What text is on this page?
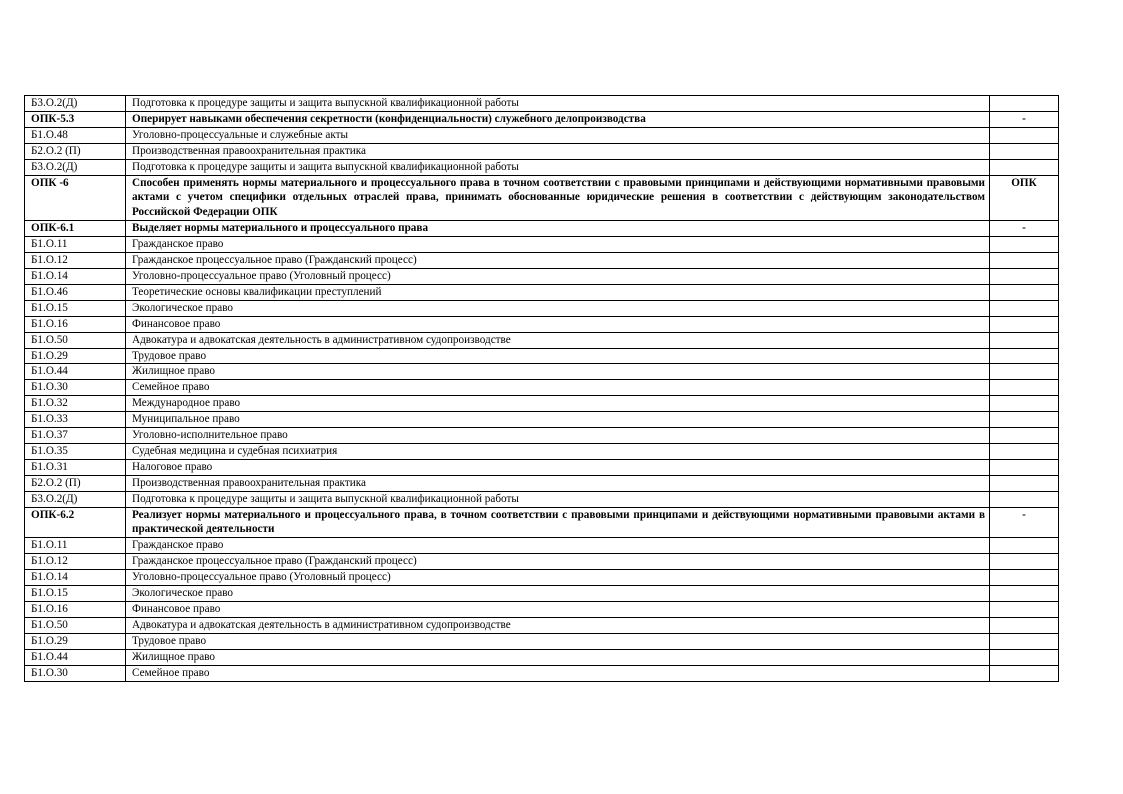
Б3.О.2(Д)	Подготовка к процедуре защиты и защита выпускной квалификационной работы	
ОПК-5.3	Оперирует навыками обеспечения секретности (конфиденциальности) служебного делопроизводства	-
Б1.О.48	Уголовно-процессуальные и служебные акты	
Б2.О.2 (П)	Производственная правоохранительная практика	
Б3.О.2(Д)	Подготовка к процедуре защиты и защита выпускной квалификационной работы	
ОПК -6	Способен применять нормы материального и процессуального права в точном соответствии с правовыми принципами и действующими нормативными правовыми актами с учетом специфики отдельных отраслей права, принимать обоснованные юридические решения в соответствии с действующим законодательством Российской Федерации ОПК	ОПК
ОПК-6.1	Выделяет нормы материального и процессуального права	-
Б1.О.11	Гражданское право	
Б1.О.12	Гражданское процессуальное право (Гражданский процесс)	
Б1.О.14	Уголовно-процессуальное право (Уголовный процесс)	
Б1.О.46	Теоретические основы квалификации преступлений	
Б1.О.15	Экологическое право	
Б1.О.16	Финансовое право	
Б1.О.50	Адвокатура и адвокатская деятельность в административном судопроизводстве	
Б1.О.29	Трудовое право	
Б1.О.44	Жилищное право	
Б1.О.30	Семейное право	
Б1.О.32	Международное право	
Б1.О.33	Муниципальное право	
Б1.О.37	Уголовно-исполнительное право	
Б1.О.35	Судебная медицина и судебная психиатрия	
Б1.О.31	Налоговое право	
Б2.О.2 (П)	Производственная правоохранительная практика	
Б3.О.2(Д)	Подготовка к процедуре защиты и защита выпускной квалификационной работы	
ОПК-6.2	Реализует нормы материального и процессуального права, в точном соответствии с правовыми принципами и действующими нормативными правовыми актами в практической деятельности	-
Б1.О.11	Гражданское право	
Б1.О.12	Гражданское процессуальное право (Гражданский процесс)	
Б1.О.14	Уголовно-процессуальное право (Уголовный процесс)	
Б1.О.15	Экологическое право	
Б1.О.16	Финансовое право	
Б1.О.50	Адвокатура и адвокатская деятельность в административном судопроизводстве	
Б1.О.29	Трудовое право	
Б1.О.44	Жилищное право	
Б1.О.30	Семейное право	
